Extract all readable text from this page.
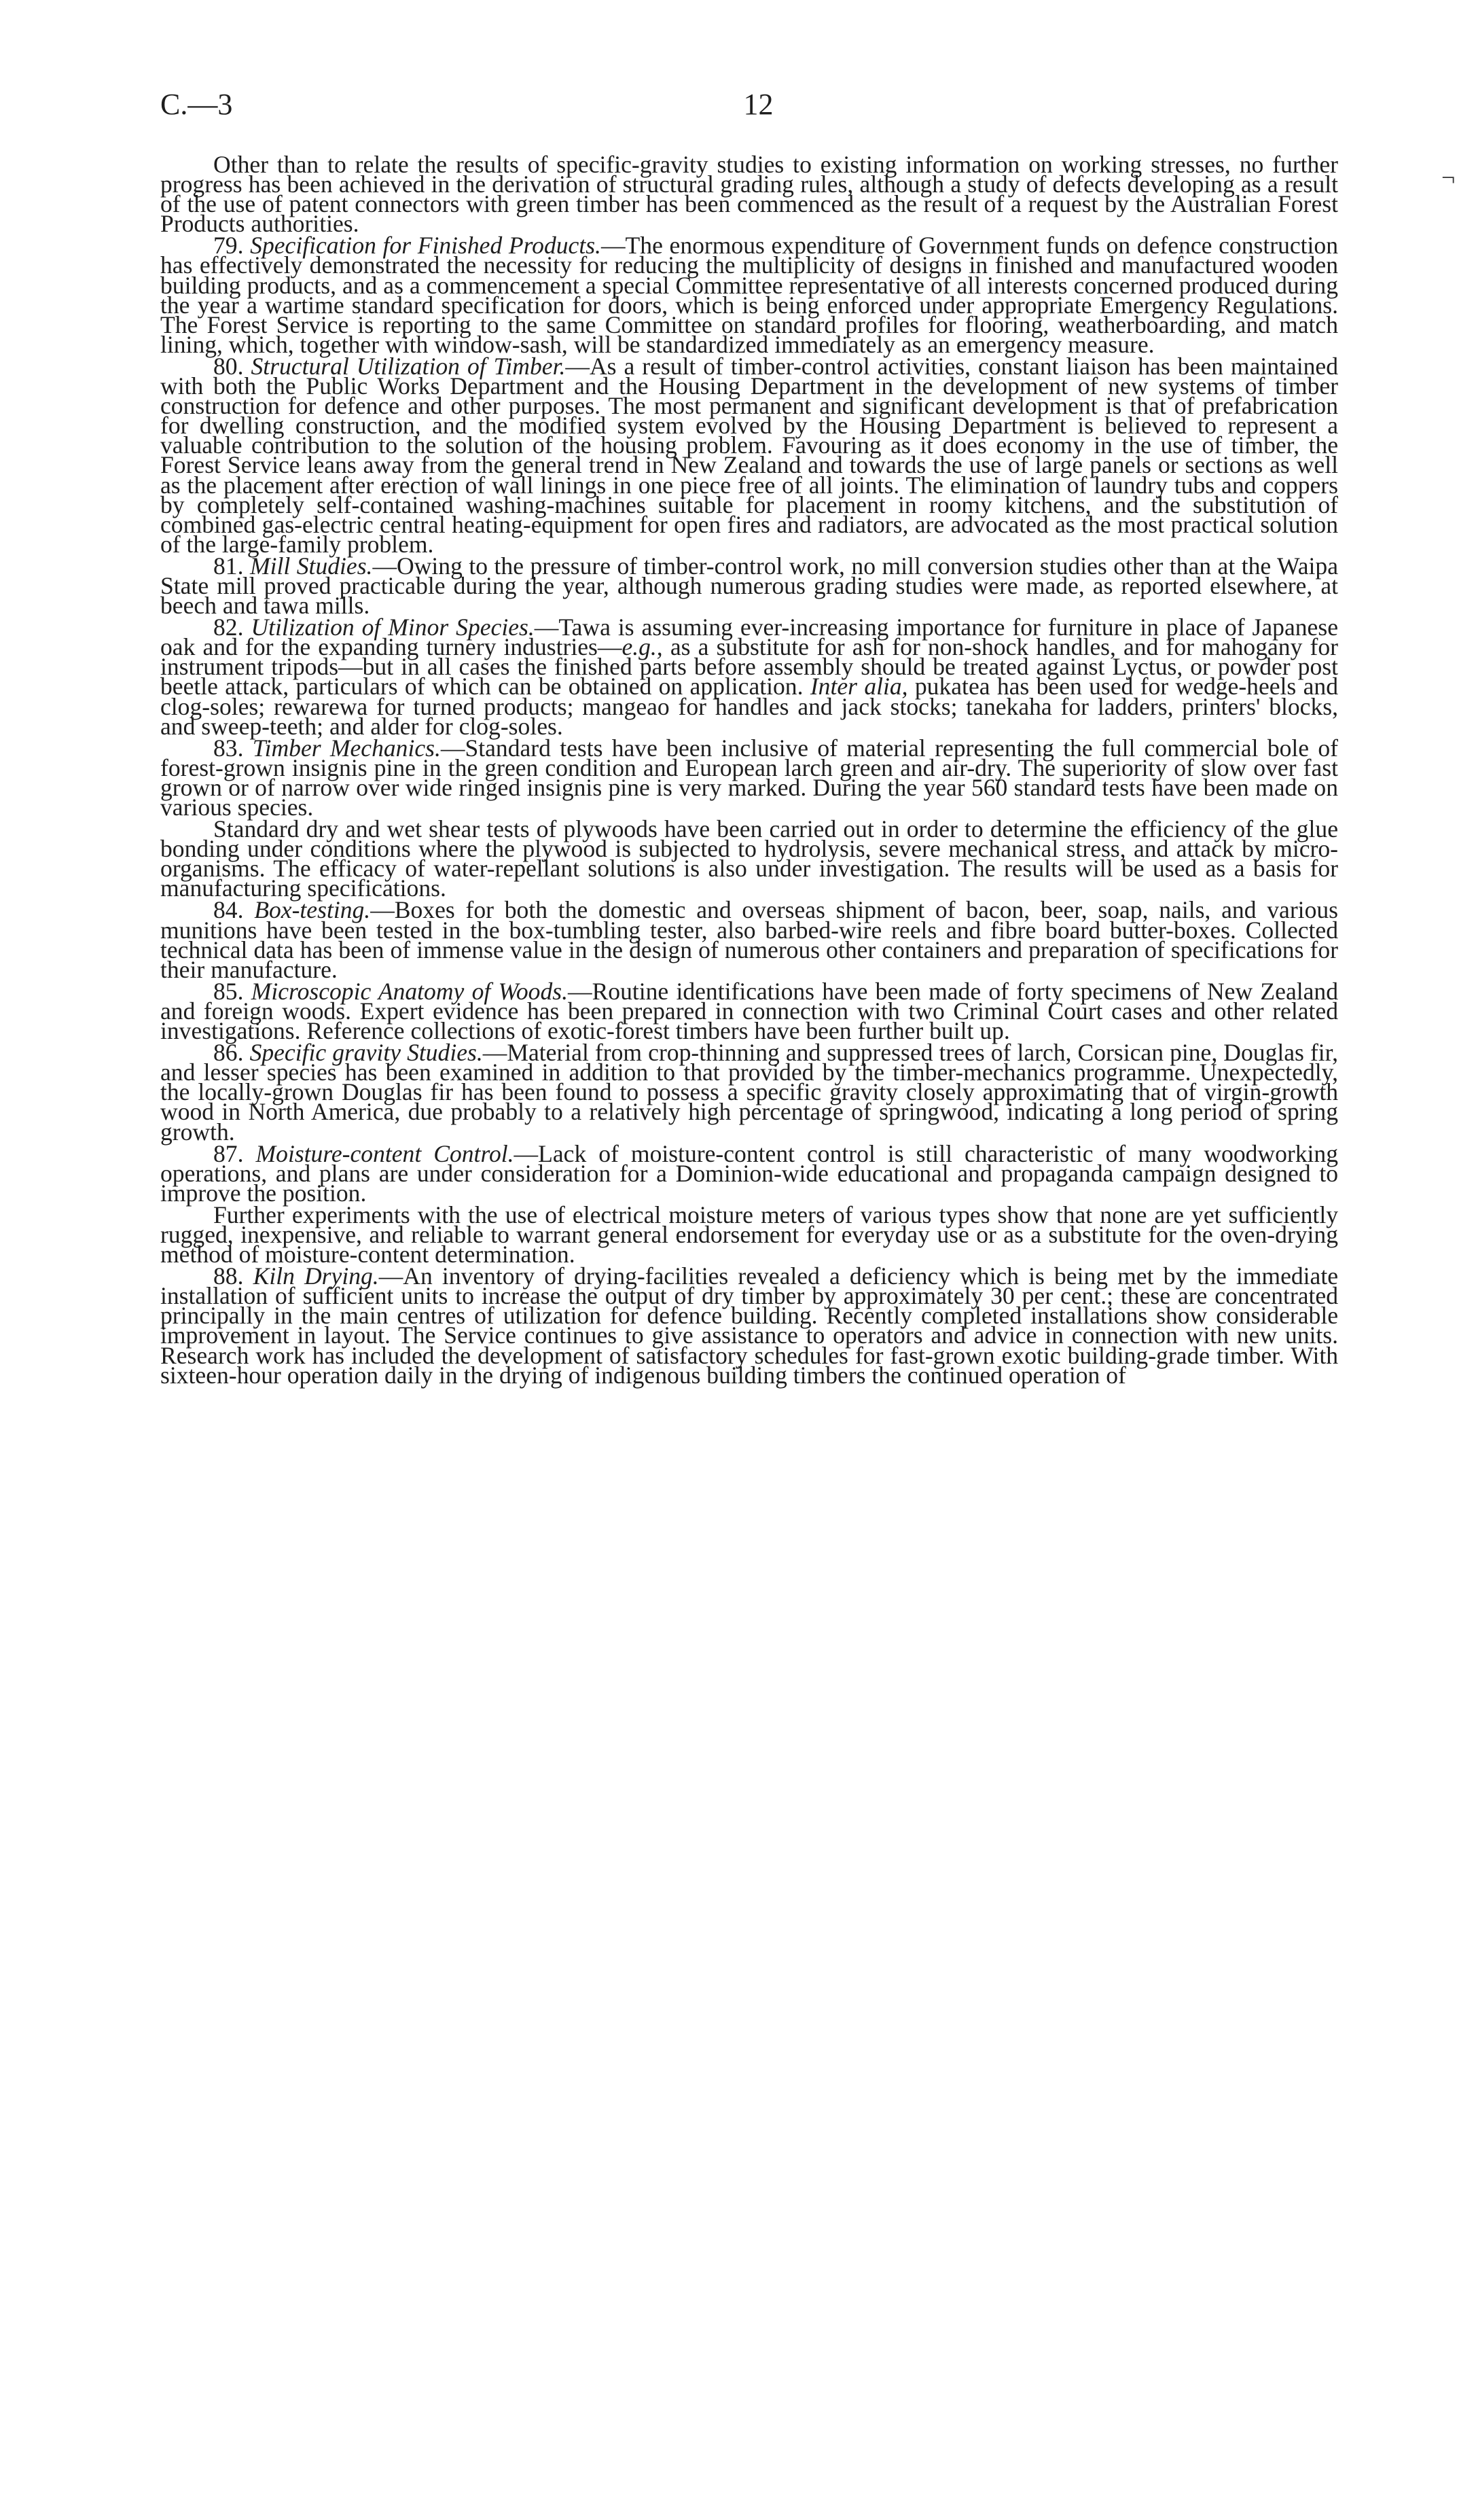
C.—3	12
¬

Other than to relate the results of specific-gravity studies to existing information on working stresses, no further progress has been achieved in the derivation of structural grading rules, although a study of defects developing as a result of the use of patent connectors with green timber has been commenced as the result of a request by the Australian Forest Products authorities.

79. Specification for Finished Products.—The enormous expenditure of Government funds on defence construction has effectively demonstrated the necessity for reducing the multiplicity of designs in finished and manufactured wooden building products, and as a commencement a special Committee representative of all interests concerned produced during the year a wartime standard specification for doors, which is being enforced under appropriate Emergency Regulations. The Forest Service is reporting to the same Committee on standard profiles for flooring, weatherboarding, and match lining, which, together with window-sash, will be standardized immediately as an emergency measure.

80. Structural Utilization of Timber.—As a result of timber-control activities, constant liaison has been maintained with both the Public Works Department and the Housing Department in the development of new systems of timber construction for defence and other purposes. The most permanent and significant development is that of prefabrication for dwelling construction, and the modified system evolved by the Housing Department is believed to represent a valuable contribution to the solution of the housing problem. Favouring as it does economy in the use of timber, the Forest Service leans away from the general trend in New Zealand and towards the use of large panels or sections as well as the placement after erection of wall linings in one piece free of all joints. The elimination of laundry tubs and coppers by completely self-contained washing-machines suitable for placement in roomy kitchens, and the substitution of combined gas-electric central heating-equipment for open fires and radiators, are advocated as the most practical solution of the large-family problem.

81. Mill Studies.—Owing to the pressure of timber-control work, no mill conversion studies other than at the Waipa State mill proved practicable during the year, although numerous grading studies were made, as reported elsewhere, at beech and tawa mills.

82. Utilization of Minor Species.—Tawa is assuming ever-increasing importance for furniture in place of Japanese oak and for the expanding turnery industries—e.g., as a substitute for ash for non-shock handles, and for mahogany for instrument tripods—but in all cases the finished parts before assembly should be treated against Lyctus, or powder post beetle attack, particulars of which can be obtained on application. Inter alia, pukatea has been used for wedge-heels and clog-soles; rewarewa for turned products; mangeao for handles and jack stocks; tanekaha for ladders, printers' blocks, and sweep-teeth; and alder for clog-soles.

83. Timber Mechanics.—Standard tests have been inclusive of material representing the full commercial bole of forest-grown insignis pine in the green condition and European larch green and air-dry. The superiority of slow over fast grown or of narrow over wide ringed insignis pine is very marked. During the year 560 standard tests have been made on various species.

Standard dry and wet shear tests of plywoods have been carried out in order to determine the efficiency of the glue bonding under conditions where the plywood is subjected to hydrolysis, severe mechanical stress, and attack by micro-organisms. The efficacy of water-repellant solutions is also under investigation. The results will be used as a basis for manufacturing specifications.

84. Box-testing.—Boxes for both the domestic and overseas shipment of bacon, beer, soap, nails, and various munitions have been tested in the box-tumbling tester, also barbed-wire reels and fibre board butter-boxes. Collected technical data has been of immense value in the design of numerous other containers and preparation of specifications for their manufacture.

85. Microscopic Anatomy of Woods.—Routine identifications have been made of forty specimens of New Zealand and foreign woods. Expert evidence has been prepared in connection with two Criminal Court cases and other related investigations. Reference collections of exotic-forest timbers have been further built up.

86. Specific gravity Studies.—Material from crop-thinning and suppressed trees of larch, Corsican pine, Douglas fir, and lesser species has been examined in addition to that provided by the timber-mechanics programme. Unexpectedly, the locally-grown Douglas fir has been found to possess a specific gravity closely approximating that of virgin-growth wood in North America, due probably to a relatively high percentage of springwood, indicating a long period of spring growth.

87. Moisture-content Control.—Lack of moisture-content control is still characteristic of many woodworking operations, and plans are under consideration for a Dominion-wide educational and propaganda campaign designed to improve the position.

Further experiments with the use of electrical moisture meters of various types show that none are yet sufficiently rugged, inexpensive, and reliable to warrant general endorsement for everyday use or as a substitute for the oven-drying method of moisture-content determination.

88. Kiln Drying.—An inventory of drying-facilities revealed a deficiency which is being met by the immediate installation of sufficient units to increase the output of dry timber by approximately 30 per cent.; these are concentrated principally in the main centres of utilization for defence building. Recently completed installations show considerable improvement in layout. The Service continues to give assistance to operators and advice in connection with new units. Research work has included the development of satisfactory schedules for fast-grown exotic building-grade timber. With sixteen-hour operation daily in the drying of indigenous building timbers the continued operation of
